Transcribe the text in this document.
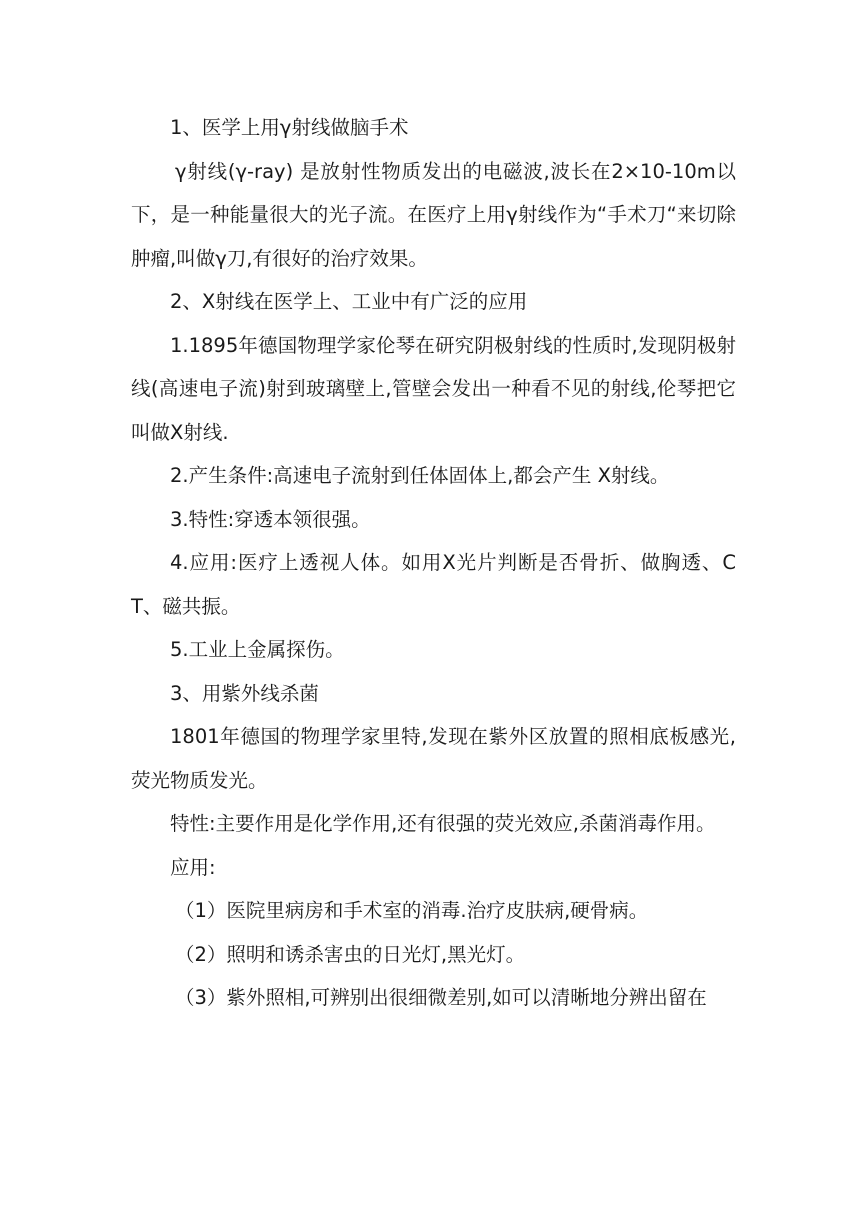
1、医学上用γ射线做脑手术

γ射线(γ-ray) 是放射性物质发出的电磁波,波长在2×10-10m以下，是一种能量很大的光子流。在医疗上用γ射线作为“手术刀“来切除肿瘤,叫做γ刀,有很好的治疗效果。

2、X射线在医学上、工业中有广泛的应用

1.1895年德国物理学家伦琴在研究阴极射线的性质时,发现阴极射线(高速电子流)射到玻璃壁上,管壁会发出一种看不见的射线,伦琴把它叫做X射线.

2.产生条件:高速电子流射到任体固体上,都会产生 X射线。

3.特性:穿透本领很强。

4.应用:医疗上透视人体。如用X光片判断是否骨折、做胸透、CT、磁共振。

5.工业上金属探伤。

3、用紫外线杀菌

1801年德国的物理学家里特,发现在紫外区放置的照相底板感光,荧光物质发光。

特性:主要作用是化学作用,还有很强的荧光效应,杀菌消毒作用。

应用:

（1）医院里病房和手术室的消毒.治疗皮肤病,硬骨病。

（2）照明和诱杀害虫的日光灯,黑光灯。

（3）紫外照相,可辨别出很细微差别,如可以清晰地分辨出留在
